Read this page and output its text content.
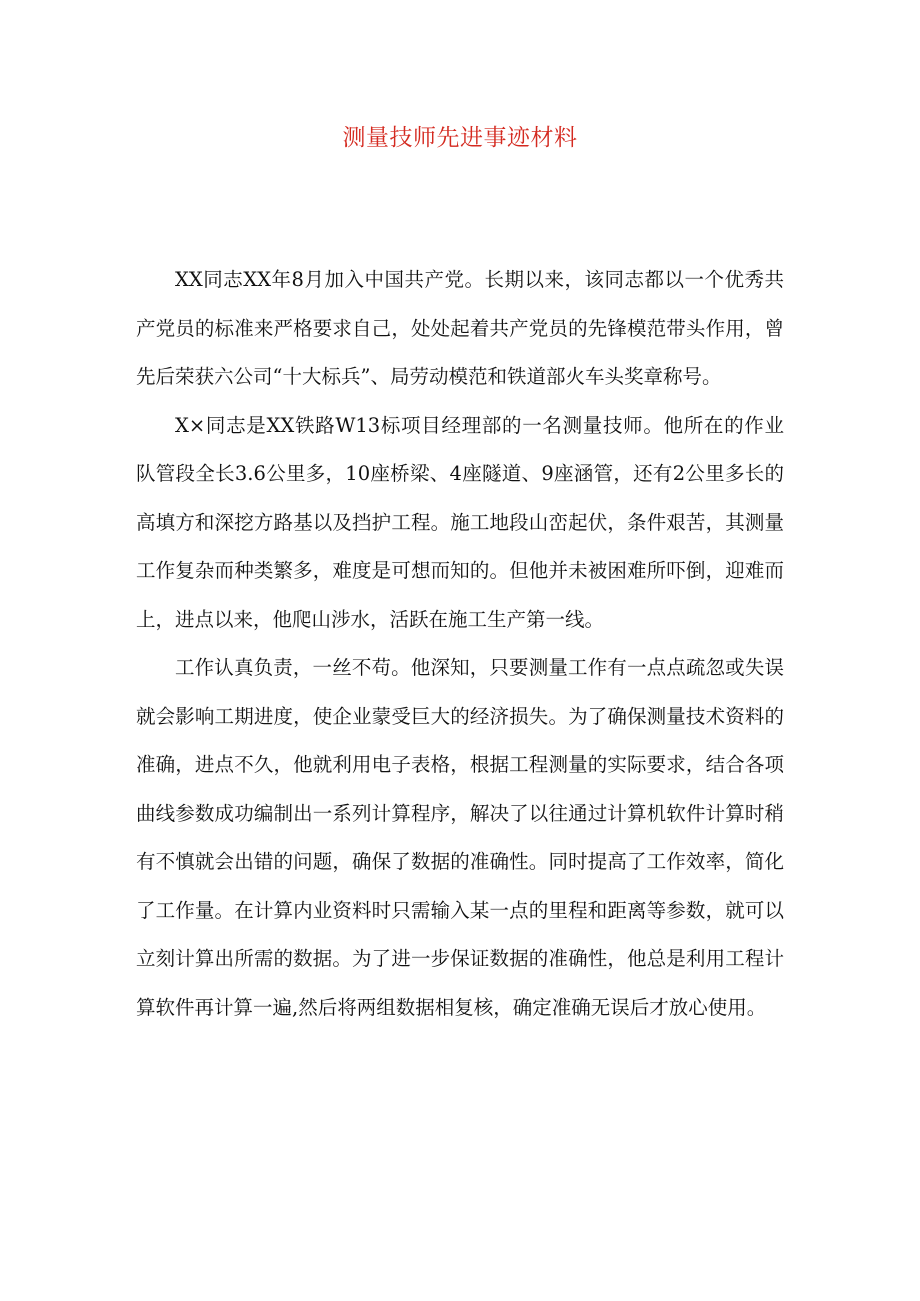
测量技师先进事迹材料

XX同志XX年8月加入中国共产党。长期以来，该同志都以一个优秀共产党员的标准来严格要求自己，处处起着共产党员的先锋模范带头作用，曾先后荣获六公司“十大标兵”、局劳动模范和铁道部火车头奖章称号。

X×同志是XX铁路W13标项目经理部的一名测量技师。他所在的作业队管段全长3.6公里多，10座桥梁、4座隧道、9座涵管，还有2公里多长的高填方和深挖方路基以及挡护工程。施工地段山峦起伏，条件艰苦，其测量工作复杂而种类繁多，难度是可想而知的。但他并未被困难所吓倒，迎难而上，进点以来，他爬山涉水，活跃在施工生产第一线。

工作认真负责，一丝不苟。他深知，只要测量工作有一点点疏忽或失误就会影响工期进度，使企业蒙受巨大的经济损失。为了确保测量技术资料的准确，进点不久，他就利用电子表格，根据工程测量的实际要求，结合各项曲线参数成功编制出一系列计算程序，解决了以往通过计算机软件计算时稍有不慎就会出错的问题，确保了数据的准确性。同时提高了工作效率，简化了工作量。在计算内业资料时只需输入某一点的里程和距离等参数，就可以立刻计算出所需的数据。为了进一步保证数据的准确性，他总是利用工程计算软件再计算一遍,然后将两组数据相复核，确定准确无误后才放心使用。
